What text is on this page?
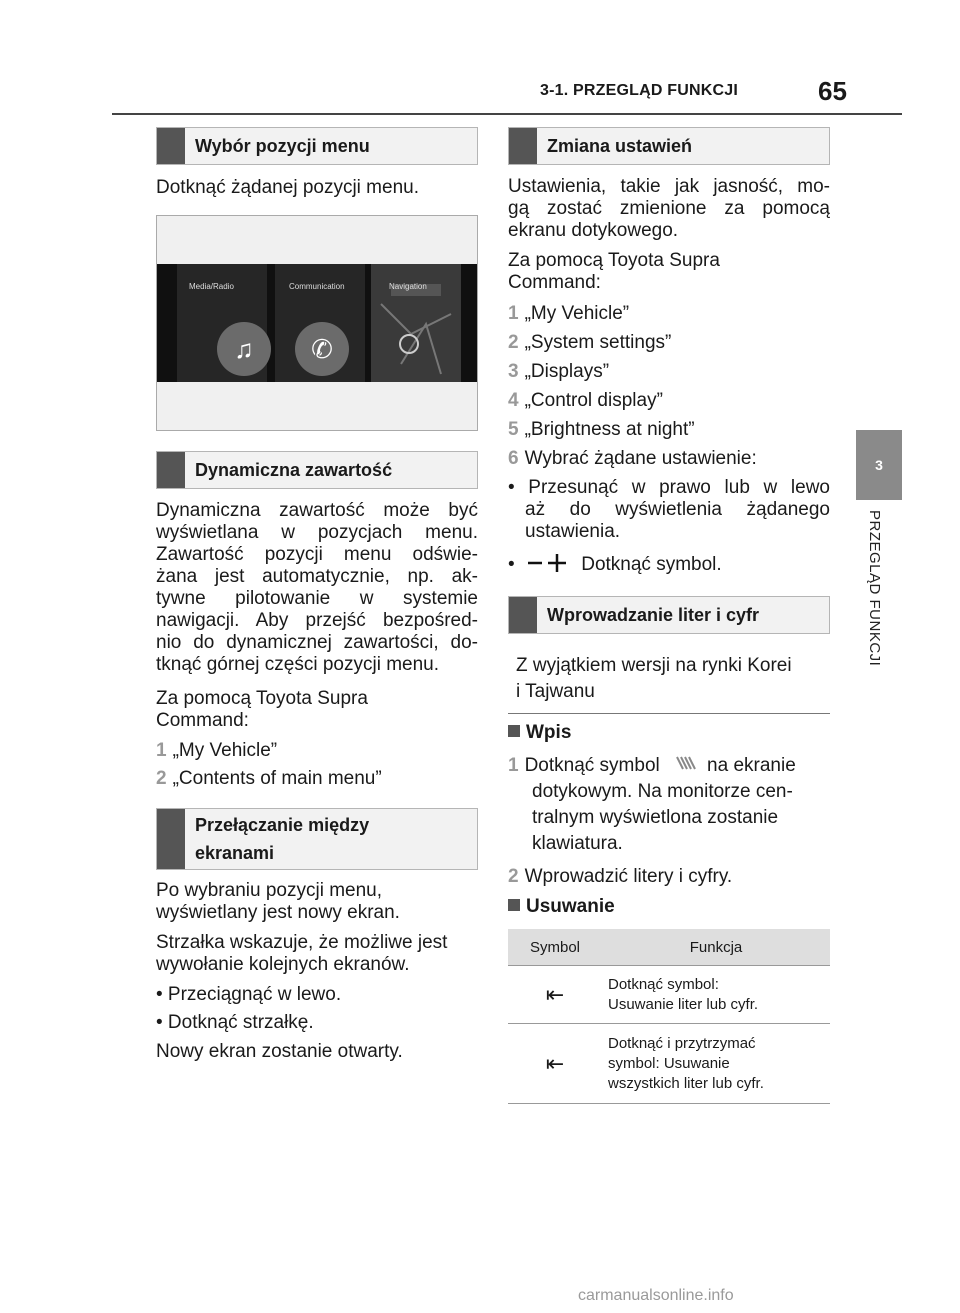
3-1. PRZEGLĄD FUNKCJI	65
3
PRZEGLĄD FUNKCJI
Wybór pozycji menu

Dotknąć żądanej pozycji menu.

♫	✆
Media/Radio	Communication	Navigation
Dynamiczna zawartość
Dynamiczna zawartość może być
wyświetlana w pozycjach menu.
Zawartość pozycji menu odświe-
żana jest automatycznie, np. ak-
tywne pilotowanie w systemie
nawigacji. Aby przejść bezpośred-
nio do dynamicznej zawartości, do-
tknąć górnej części pozycji menu.
Za pomocą Toyota Supra
Command:
1 „My Vehicle”
2 „Contents of main menu”
Przełączanie między
ekranami
Po wybraniu pozycji menu,
wyświetlany jest nowy ekran.
Strzałka wskazuje, że możliwe jest
wywołanie kolejnych ekranów.
• Przeciągnąć w lewo.
• Dotknąć strzałkę.
Nowy ekran zostanie otwarty.
Zmiana ustawień
Ustawienia, takie jak jasność, mo-
gą zostać zmienione za pomocą
ekranu dotykowego.
Za pomocą Toyota Supra
Command:
1 „My Vehicle”
2 „System settings”
3 „Displays”
4 „Control display”
5 „Brightness at night”
6 Wybrać żądane ustawienie:
• Przesunąć w prawo lub w lewo
aż do wyświetlenia żądanego
ustawienia.
•	Dotknąć symbol.
Wprowadzanie liter i cyfr
Z wyjątkiem wersji na rynki Korei
i Tajwanu
Wpis
1 Dotknąć symbol na ekranie
dotykowym. Na monitorze cen-
tralnym wyświetlona zostanie
klawiatura.
2 Wprowadzić litery i cyfry.
Usuwanie
Symbol	Funkcja
⇤	Dotknąć symbol:
Usuwanie liter lub cyfr.

⇤	Dotknąć i przytrzymać
symbol: Usuwanie
wszystkich liter lub cyfr.
carmanualsonline.info
